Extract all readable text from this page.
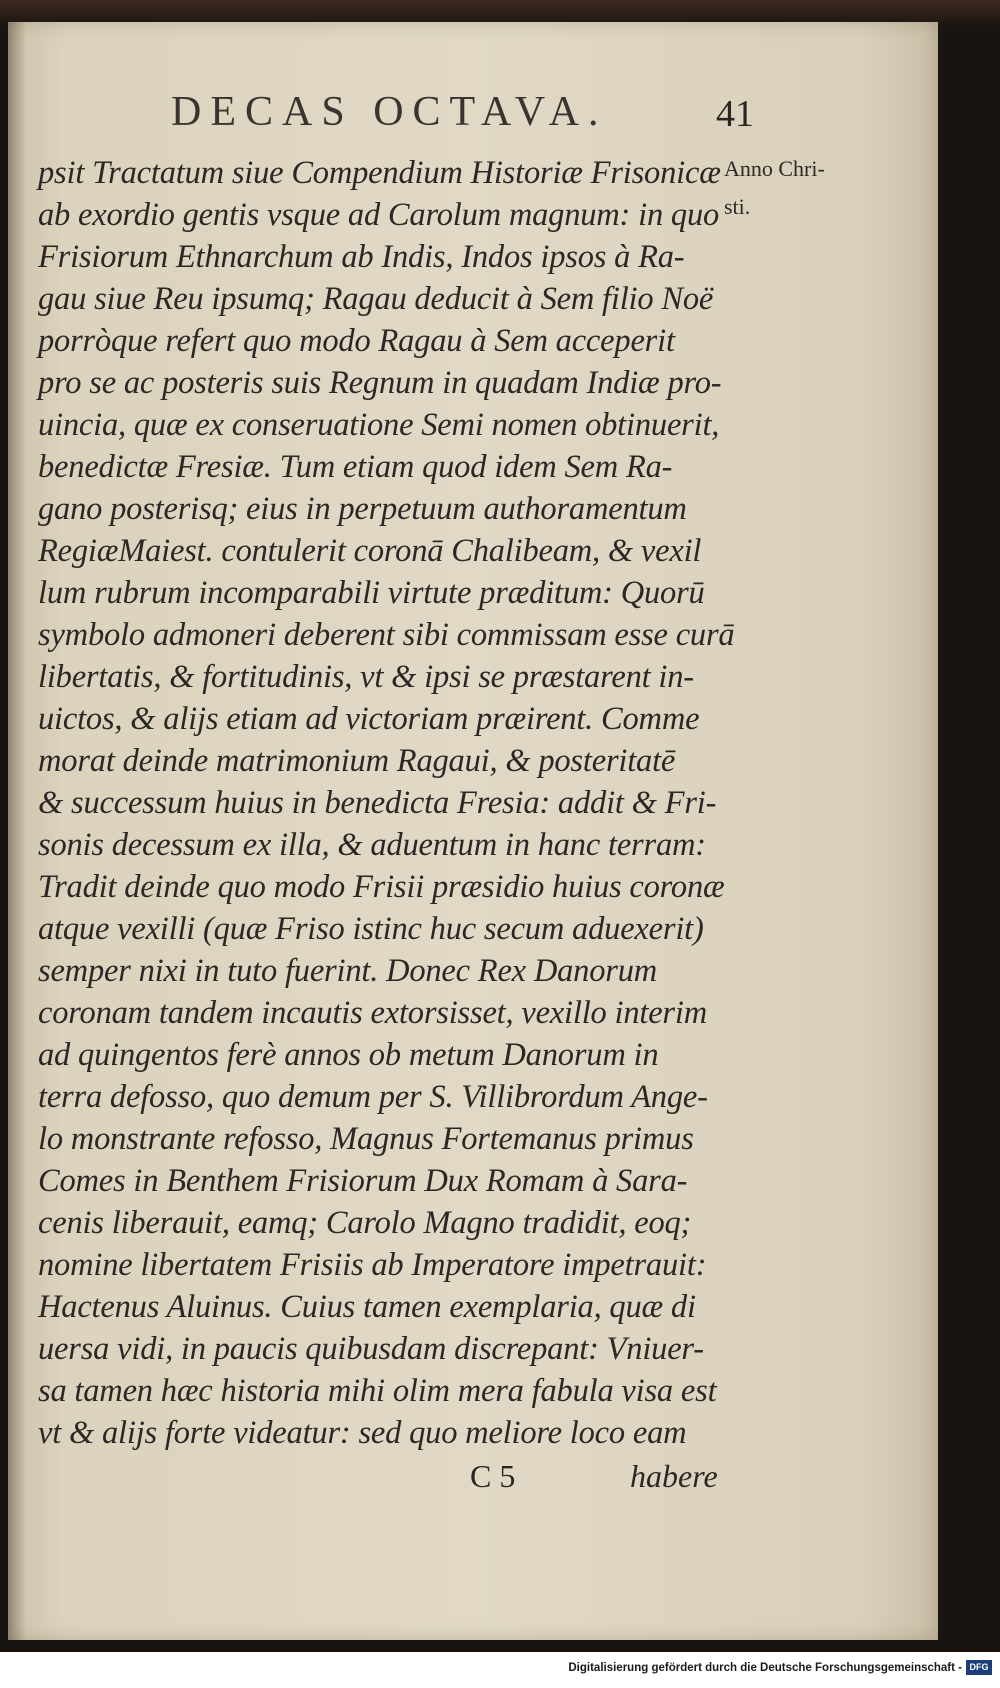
DECAS OCTAVA.	41
Anno Chri-
sti.
psit Tractatum siue Compendium Historiæ Frisonicæ
ab exordio gentis vsque ad Carolum magnum: in quo
Frisiorum Ethnarchum ab Indis, Indos ipsos à Ra-
gau siue Reu ipsumq; Ragau deducit à Sem filio Noë
porròque refert quo modo Ragau à Sem acceperit
pro se ac posteris suis Regnum in quadam Indiæ pro-
uincia, quæ ex conseruatione Semi nomen obtinuerit,
benedictæ Fresiæ. Tum etiam quod idem Sem Ra-
gano posterisq; eius in perpetuum authoramentum
RegiæMaiest. contulerit coronā Chalibeam, & vexil
lum rubrum incomparabili virtute præditum: Quorū
symbolo admoneri deberent sibi commissam esse curā
libertatis, & fortitudinis, vt & ipsi se præstarent in-
uictos, & alijs etiam ad victoriam præirent. Comme
morat deinde matrimonium Ragaui, & posteritatē
& successum huius in benedicta Fresia: addit & Fri-
sonis decessum ex illa, & aduentum in hanc terram:
Tradit deinde quo modo Frisii præsidio huius coronæ
atque vexilli (quæ Friso istinc huc secum aduexerit)
semper nixi in tuto fuerint. Donec Rex Danorum
coronam tandem incautis extorsisset, vexillo interim
ad quingentos ferè annos ob metum Danorum in
terra defosso, quo demum per S. Villibrordum Ange-
lo monstrante refosso, Magnus Fortemanus primus
Comes in Benthem Frisiorum Dux Romam à Sara-
cenis liberauit, eamq; Carolo Magno tradidit, eoq;
nomine libertatem Frisiis ab Imperatore impetrauit:
Hactenus Aluinus. Cuius tamen exemplaria, quæ di
uersa vidi, in paucis quibusdam discrepant: Vniuer-
sa tamen hæc historia mihi olim mera fabula visa est
vt & alijs forte videatur: sed quo meliore loco eam
C 5	habere
Digitalisierung gefördert durch die Deutsche Forschungsgemeinschaft - DFG
